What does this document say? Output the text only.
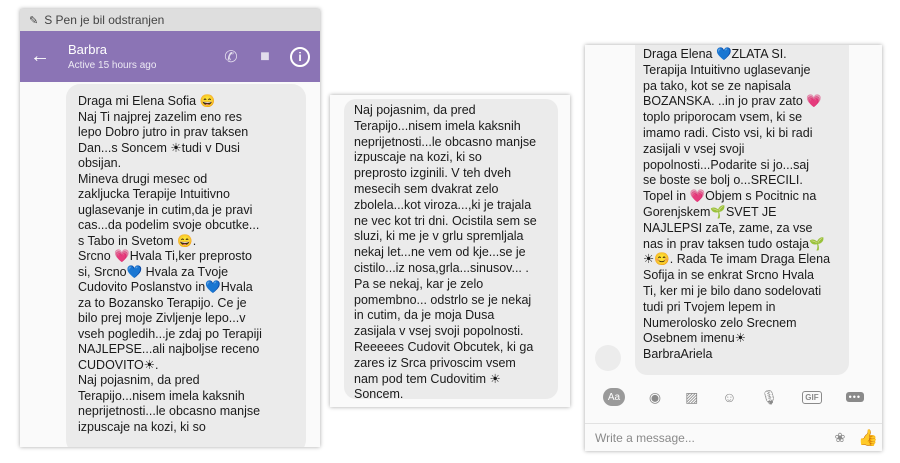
✎ S Pen je bil odstranjen
←	Barbra
Active 15 hours ago	✆	■	i
Draga mi Elena Sofia 😄
Naj Ti najprej zazelim eno res
lepo Dobro jutro in prav taksen
Dan...s Soncem ☀tudi v Dusi
obsijan.
Mineva drugi mesec od
zakljucka Terapije Intuitivno
uglasevanje in cutim,da je pravi
cas...da podelim svoje obcutke...
s Tabo in Svetom 😄.
Srcno 💗Hvala Ti,ker preprosto
si, Srcno💙 Hvala za Tvoje
Cudovito Poslanstvo in💙Hvala
za to Bozansko Terapijo. Ce je
bilo prej moje Zivljenje lepo...v
vseh pogledih...je zdaj po Terapiji
NAJLEPSE...ali najboljse receno
CUDOVITO☀.
Naj pojasnim, da pred
Terapijo...nisem imela kaksnih
neprijetnosti...le obcasno manjse
izpuscaje na kozi, ki so
Naj pojasnim, da pred
Terapijo...nisem imela kaksnih
neprijetnosti...le obcasno manjse
izpuscaje na kozi, ki so
preprosto izginili. V teh dveh
mesecih sem dvakrat zelo
zbolela...kot viroza...,ki je trajala
ne vec kot tri dni. Ocistila sem se
sluzi, ki me je v grlu spremljala
nekaj let...ne vem od kje...se je
cistilo...iz nosa,grla...sinusov... .
Pa se nekaj, kar je zelo
pomembno... odstrlo se je nekaj
in cutim, da je moja Dusa
zasijala v vsej svoji popolnosti.
Reeeees Cudovit Obcutek, ki ga
zares iz Srca privoscim vsem
nam pod tem Cudovitim ☀
Soncem.
Draga Elena 💙ZLATA SI.
Terapija Intuitivno uglasevanje
pa tako, kot se ze napisala
BOZANSKA. ..in jo prav zato 💗
toplo priporocam vsem, ki se
imamo radi. Cisto vsi, ki bi radi
zasijali v vsej svoji
popolnosti...Podarite si jo...saj
se boste se bolj o...SRECILI.
Topel in 💗Objem s Pocitnic na
Gorenjskem🌱SVET JE
NAJLEPSI zaTe, zame, za vse
nas in prav taksen tudo ostaja🌱
☀😊. Rada Te imam Draga Elena
Sofija in se enkrat Srcno Hvala
Ti, ker mi je bilo dano sodelovati
tudi pri Tvojem lepem in
Numerolosko zelo Srecnem
Osebnem imenu☀
BarbraAriela
Aa	◉ ▨ ☺ 🎙	GIF	•••
Write a message...	❀ 👍
